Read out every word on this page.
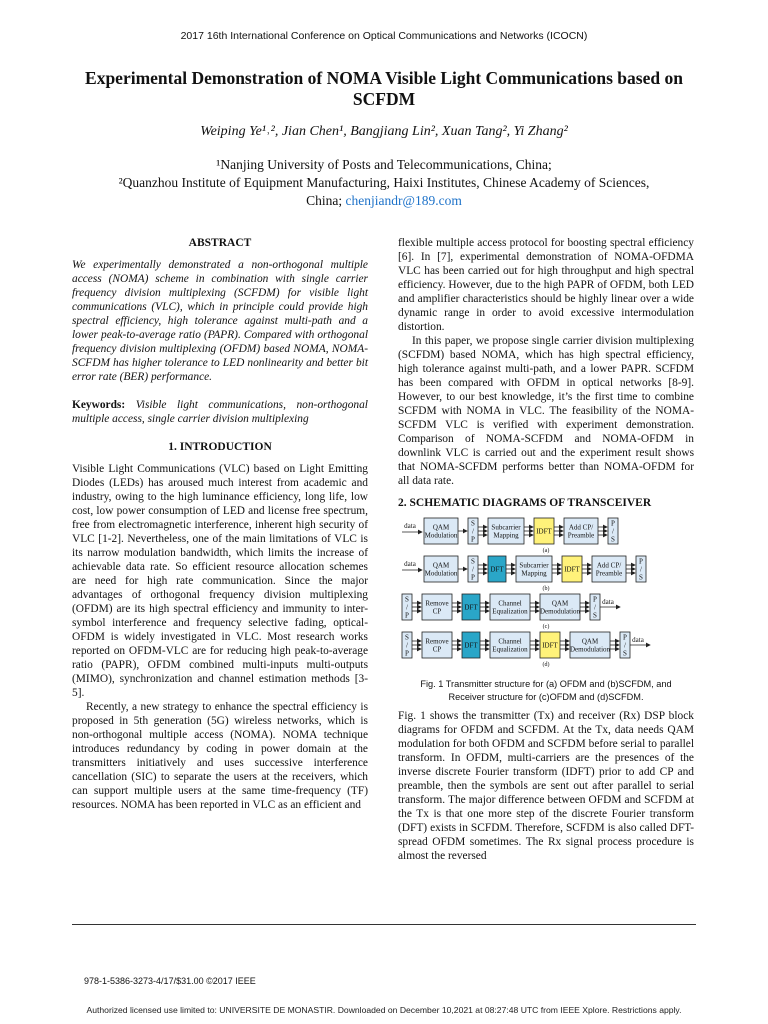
2017 16th International Conference on Optical Communications and Networks (ICOCN)
Experimental Demonstration of NOMA Visible Light Communications based on SCFDM
Weiping Ye¹˒², Jian Chen¹, Bangjiang Lin², Xuan Tang², Yi Zhang²
¹Nanjing University of Posts and Telecommunications, China;
²Quanzhou Institute of Equipment Manufacturing, Haixi Institutes, Chinese Academy of Sciences,
China; chenjiandr@189.com

ABSTRACT

We experimentally demonstrated a non-orthogonal multiple access (NOMA) scheme in combination with single carrier frequency division multiplexing (SCFDM) for visible light communications (VLC), which in principle could provide high spectral efficiency, high tolerance against multi-path and a lower peak-to-average ratio (PAPR). Compared with orthogonal frequency division multiplexing (OFDM) based NOMA, NOMA-SCFDM has higher tolerance to LED nonlinearity and better bit error rate (BER) performance.

Keywords: Visible light communications, non-orthogonal multiple access, single carrier division multiplexing

1. INTRODUCTION

Visible Light Communications (VLC) based on Light Emitting Diodes (LEDs) has aroused much interest from academic and industry, owing to the high luminance efficiency, long life, low cost, low power consumption of LED and license free spectrum, free from electromagnetic interference, inherent high security of VLC [1-2]. Nevertheless, one of the main limitations of VLC is its narrow modulation bandwidth, which limits the increase of achievable data rate. So efficient resource allocation schemes are need for high rate communication. Since the major advantages of orthogonal frequency division multiplexing (OFDM) are its high spectral efficiency and immunity to inter-symbol interference and frequency selective fading, optical-OFDM is widely investigated in VLC. Most research works reported on OFDM-VLC are for reducing high peak-to-average ratio (PAPR), OFDM combined multi-inputs multi-outputs (MIMO), synchronization and channel estimation methods [3-5].

Recently, a new strategy to enhance the spectral efficiency is proposed in 5th generation (5G) wireless networks, which is non-orthogonal multiple access (NOMA). NOMA technique introduces redundancy by coding in power domain at the transmitters initiatively and uses successive interference cancellation (SIC) to separate the users at the receivers, which can support multiple users at the same time-frequency (TF) resources. NOMA has been reported in VLC as an efficient and

flexible multiple access protocol for boosting spectral efficiency [6]. In [7], experimental demonstration of NOMA-OFDMA VLC has been carried out for high throughput and high spectral efficiency. However, due to the high PAPR of OFDM, both LED and amplifier characteristics should be highly linear over a wide dynamic range in order to avoid excessive intermodulation distortion.

In this paper, we propose single carrier division multiplexing (SCFDM) based NOMA, which has high spectral efficiency, high tolerance against multi-path, and a lower PAPR. SCFDM has been compared with OFDM in optical networks [8-9]. However, to our best knowledge, it’s the first time to combine SCFDM with NOMA in VLC. The feasibility of the NOMA-SCFDM VLC is verified with experiment demonstration. Comparison of NOMA-SCFDM and NOMA-OFDM in downlink VLC is carried out and the experiment result shows that NOMA-SCFDM performs better than NOMA-OFDM for all data rate.

2. SCHEMATIC DIAGRAMS OF TRANSCEIVER

data QAM
Modulation
S
/
P
Subcarrier
Mapping	IDFT Add CP/
Preamble
P
/
S
(a)
data QAM
Modulation
S
/
P
DFT Subcarrier
Mapping	IDFT Add CP/
Preamble
P
/
S
(b)
S
/
P
Remove
CP	DFT	Channel
Equalization
QAM
Demodulation
P
/
S
data
(c)
S
/
P
Remove
CP	DFT	Channel
Equalization IDFT	QAM
Demodulation
P
/
S
data
(d)

Fig. 1 Transmitter structure for (a) OFDM and (b)SCFDM, and
Receiver structure for (c)OFDM and (d)SCFDM.

Fig. 1 shows the transmitter (Tx) and receiver (Rx) DSP block diagrams for OFDM and SCFDM. At the Tx, data needs QAM modulation for both OFDM and SCFDM before serial to parallel transform. In OFDM, multi-carriers are the presences of the inverse discrete Fourier transform (IDFT) prior to add CP and preamble, then the symbols are sent out after parallel to serial transform. The major difference between OFDM and SCFDM at the Tx is that one more step of the discrete Fourier transform (DFT) exists in SCFDM. Therefore, SCFDM is also called DFT-spread OFDM sometimes. The Rx signal process procedure is almost the reversed

978-1-5386-3273-4/17/$31.00 ©2017 IEEE
Authorized licensed use limited to: UNIVERSITE DE MONASTIR. Downloaded on December 10,2021 at 08:27:48 UTC from IEEE Xplore. Restrictions apply.
